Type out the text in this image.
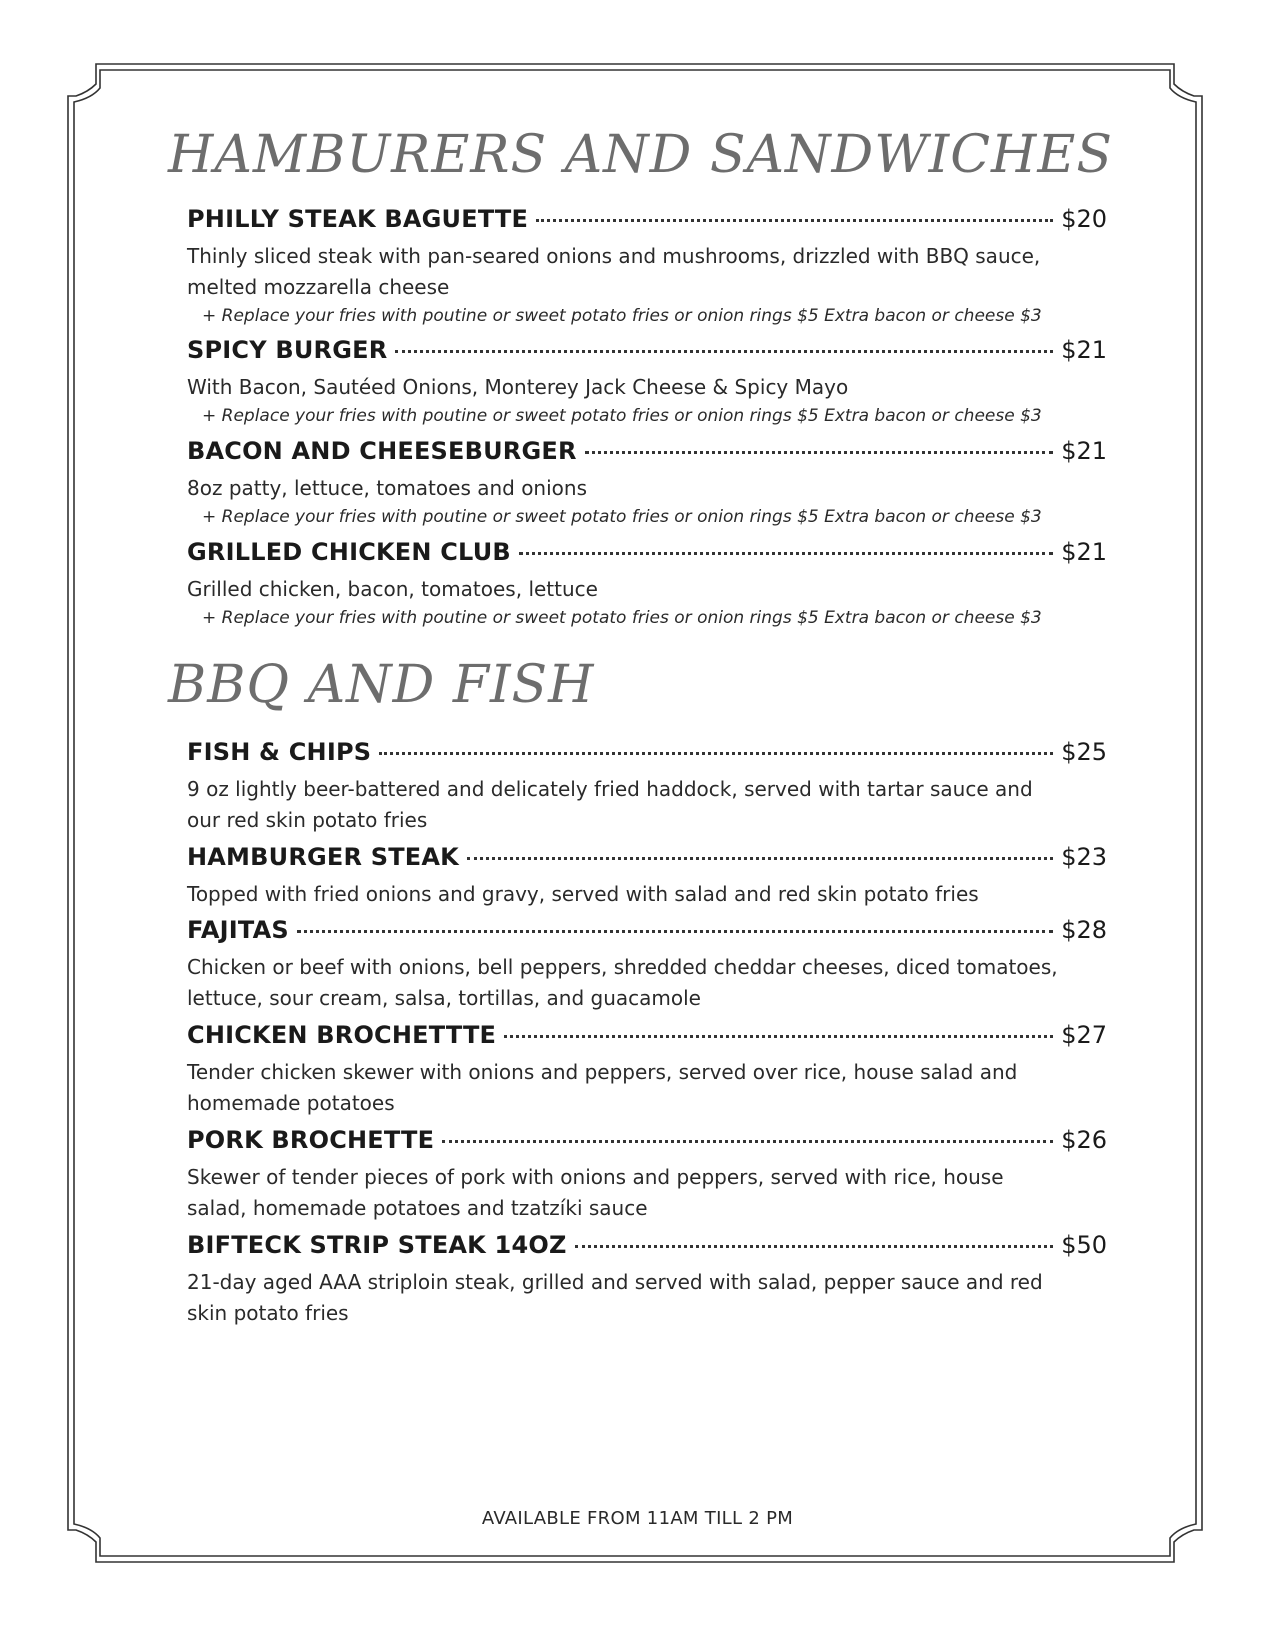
HAMBURERS AND SANDWICHES
PHILLY STEAK BAGUETTE	$20
Thinly sliced steak with pan-seared onions and mushrooms, drizzled with BBQ sauce, melted mozzarella cheese
+ Replace your fries with poutine or sweet potato fries or onion rings $5 Extra bacon or cheese $3
SPICY BURGER	$21
With Bacon, Sautéed Onions, Monterey Jack Cheese & Spicy Mayo
+ Replace your fries with poutine or sweet potato fries or onion rings $5 Extra bacon or cheese $3
BACON AND CHEESEBURGER	$21
8oz patty, lettuce, tomatoes and onions
+ Replace your fries with poutine or sweet potato fries or onion rings $5 Extra bacon or cheese $3
GRILLED CHICKEN CLUB	$21
Grilled chicken, bacon, tomatoes, lettuce
+ Replace your fries with poutine or sweet potato fries or onion rings $5 Extra bacon or cheese $3
BBQ AND FISH
FISH & CHIPS	$25
9 oz lightly beer-battered and delicately fried haddock, served with tartar sauce and our red skin potato fries
HAMBURGER STEAK	$23
Topped with fried onions and gravy, served with salad and red skin potato fries
FAJITAS	$28
Chicken or beef with onions, bell peppers, shredded cheddar cheeses, diced tomatoes, lettuce, sour cream, salsa, tortillas, and guacamole
CHICKEN BROCHETTTE	$27
Tender chicken skewer with onions and peppers, served over rice, house salad and homemade potatoes
PORK BROCHETTE	$26
Skewer of tender pieces of pork with onions and peppers, served with rice, house salad, homemade potatoes and tzatzíki sauce
BIFTECK STRIP STEAK 14OZ	$50
21-day aged AAA striploin steak, grilled and served with salad, pepper sauce and red skin potato fries
AVAILABLE FROM 11AM TILL 2 PM
